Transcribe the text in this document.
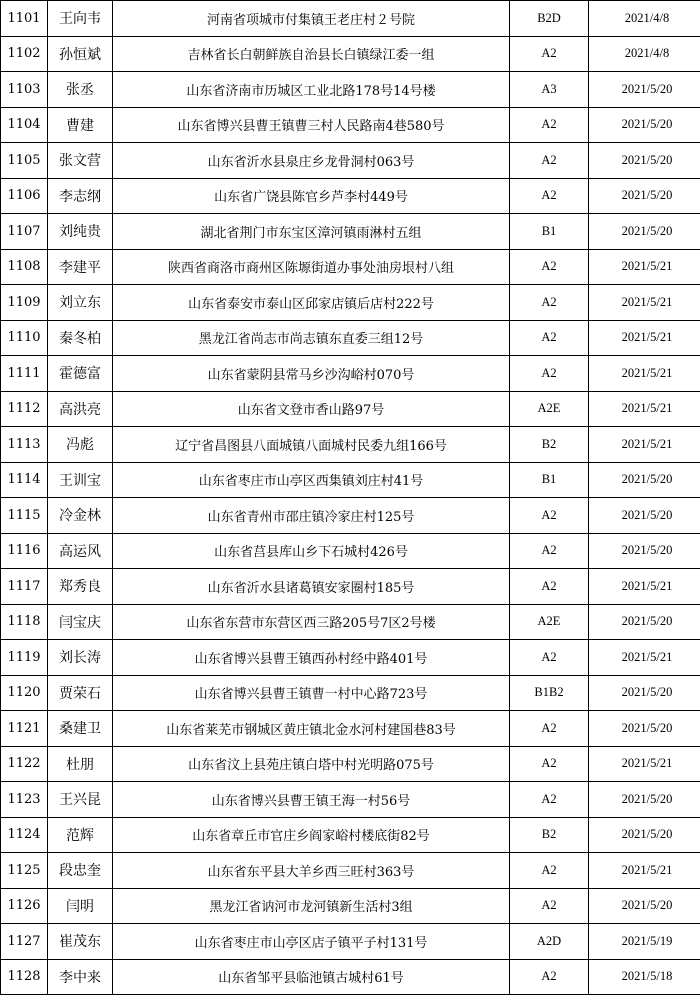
1101	王向韦	河南省项城市付集镇王老庄村２号院	B2D	2021/4/8
1102	孙恒斌	吉林省长白朝鲜族自治县长白镇绿江委一组	A2	2021/4/8
1103	张丞	山东省济南市历城区工业北路178号14号楼	A3	2021/5/20
1104	曹建	山东省博兴县曹王镇曹三村人民路南4巷580号	A2	2021/5/20
1105	张文营	山东省沂水县泉庄乡龙骨洞村063号	A2	2021/5/20
1106	李志纲	山东省广饶县陈官乡芦李村449号	A2	2021/5/20
1107	刘纯贵	湖北省荆门市东宝区漳河镇雨淋村五组	B1	2021/5/20
1108	李建平	陕西省商洛市商州区陈塬街道办事处油房垠村八组	A2	2021/5/21
1109	刘立东	山东省泰安市泰山区邱家店镇后店村222号	A2	2021/5/21
1110	秦冬柏	黑龙江省尚志市尚志镇东直委三组12号	A2	2021/5/21
1111	霍德富	山东省蒙阴县常马乡沙沟峪村070号	A2	2021/5/21
1112	高洪亮	山东省文登市香山路97号	A2E	2021/5/21
1113	冯彪	辽宁省昌图县八面城镇八面城村民委九组166号	B2	2021/5/21
1114	王训宝	山东省枣庄市山亭区西集镇刘庄村41号	B1	2021/5/20
1115	冷金林	山东省青州市邵庄镇冷家庄村125号	A2	2021/5/20
1116	高运风	山东省莒县库山乡下石城村426号	A2	2021/5/20
1117	郑秀良	山东省沂水县诸葛镇安家圈村185号	A2	2021/5/21
1118	闫宝庆	山东省东营市东营区西三路205号7区2号楼	A2E	2021/5/20
1119	刘长涛	山东省博兴县曹王镇西孙村经中路401号	A2	2021/5/21
1120	贾荣石	山东省博兴县曹王镇曹一村中心路723号	B1B2	2021/5/20
1121	桑建卫	山东省莱芜市钢城区黄庄镇北金水河村建国巷83号	A2	2021/5/20
1122	杜朋	山东省汶上县苑庄镇白塔中村光明路075号	A2	2021/5/21
1123	王兴昆	山东省博兴县曹王镇王海一村56号	A2	2021/5/20
1124	范辉	山东省章丘市官庄乡阎家峪村楼底街82号	B2	2021/5/20
1125	段忠奎	山东省东平县大羊乡西三旺村363号	A2	2021/5/21
1126	闫明	黑龙江省讷河市龙河镇新生活村3组	A2	2021/5/20
1127	崔茂东	山东省枣庄市山亭区店子镇平子村131号	A2D	2021/5/19
1128	李中来	山东省邹平县临池镇古城村61号	A2	2021/5/18
